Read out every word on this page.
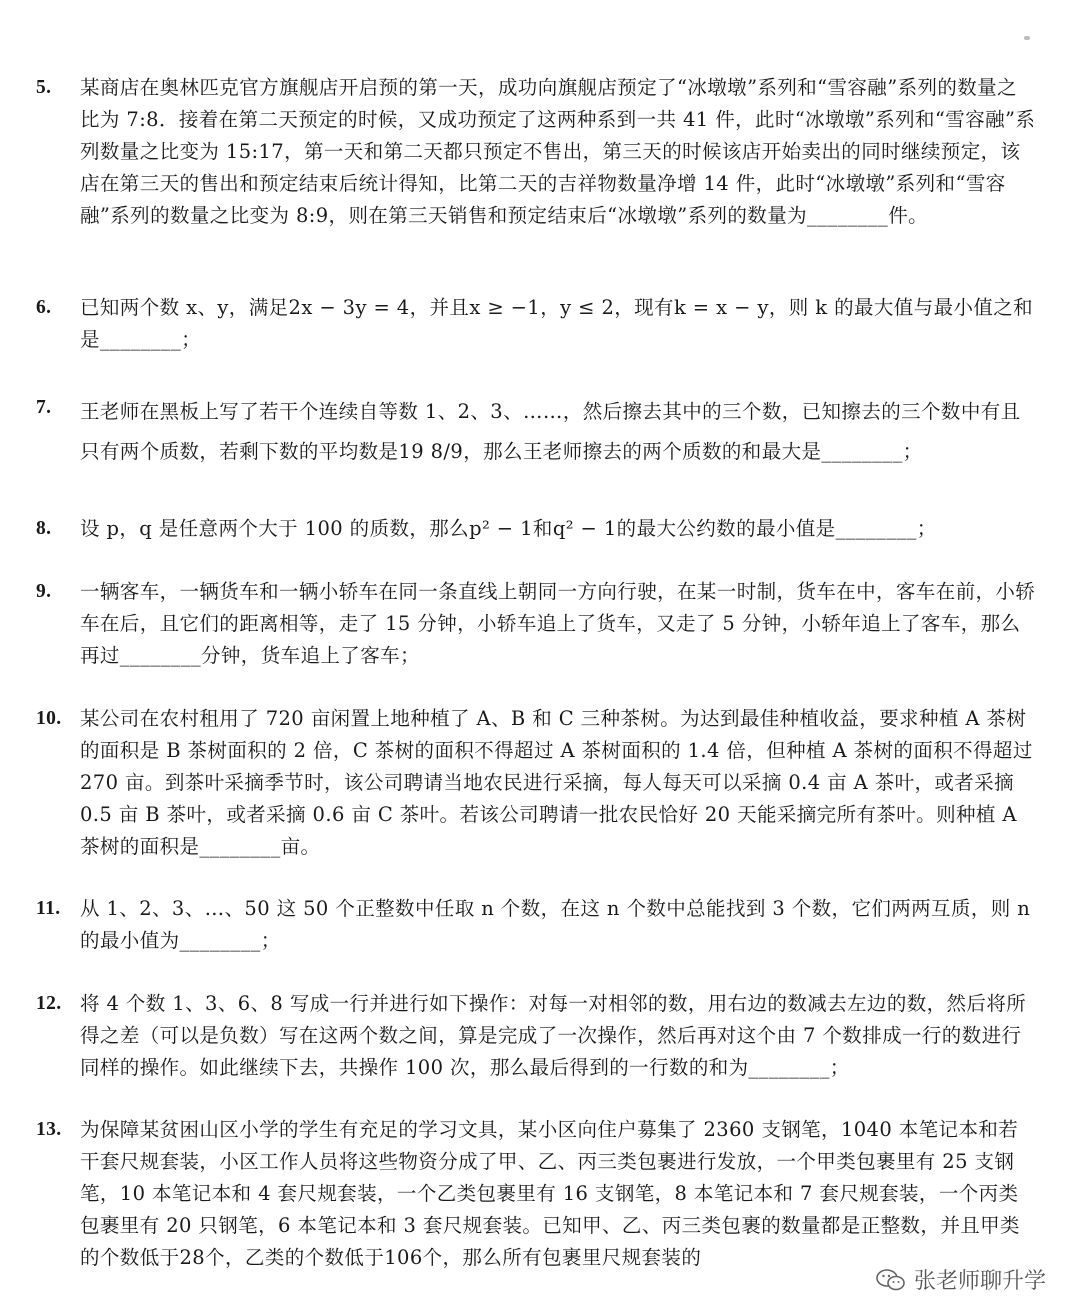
5.	某商店在奥林匹克官方旗舰店开启预的第一天，成功向旗舰店预定了“冰墩墩”系列和“雪容融”系列的数量之比为 7:8．接着在第二天预定的时候，又成功预定了这两种系到一共 41 件，此时“冰墩墩”系列和“雪容融”系列数量之比变为 15:17，第一天和第二天都只预定不售出，第三天的时候该店开始卖出的同时继续预定，该店在第三天的售出和预定结束后统计得知，比第二天的吉祥物数量净增 14 件，此时“冰墩墩”系列和“雪容融”系列的数量之比变为 8:9，则在第三天销售和预定结束后“冰墩墩”系列的数量为________件。
6.	已知两个数 x、y，满足2x − 3y = 4，并且x ≥ −1，y ≤ 2，现有k = x − y，则 k 的最大值与最小值之和是________；
7.	王老师在黑板上写了若干个连续自等数 1、2、3、……，然后擦去其中的三个数，已知擦去的三个数中有且只有两个质数，若剩下数的平均数是19 8/9，那么王老师擦去的两个质数的和最大是________；
8.	设 p，q 是任意两个大于 100 的质数，那么p² − 1和q² − 1的最大公约数的最小值是________；
9.	一辆客车，一辆货车和一辆小轿车在同一条直线上朝同一方向行驶，在某一时制，货车在中，客车在前，小轿车在后，且它们的距离相等，走了 15 分钟，小轿车追上了货车，又走了 5 分钟，小轿年追上了客车，那么再过________分钟，货车追上了客车；
10. 某公司在农村租用了 720 亩闲置上地种植了 A、B 和 C 三种茶树。为达到最佳种植收益，要求种植 A 茶树的面积是 B 茶树面积的 2 倍，C 茶树的面积不得超过 A 茶树面积的 1.4 倍，但种植 A 茶树的面积不得超过 270 亩。到茶叶采摘季节时，该公司聘请当地农民进行采摘，每人每天可以采摘 0.4 亩 A 茶叶，或者采摘 0.5 亩 B 茶叶，或者采摘 0.6 亩 C 茶叶。若该公司聘请一批农民恰好 20 天能采摘完所有茶叶。则种植 A 茶树的面积是________亩。
11.	从 1、2、3、…、50 这 50 个正整数中任取 n 个数，在这 n 个数中总能找到 3 个数，它们两两互质，则 n 的最小值为________；
12. 将 4 个数 1、3、6、8 写成一行并进行如下操作：对每一对相邻的数，用右边的数减去左边的数，然后将所得之差（可以是负数）写在这两个数之间，算是完成了一次操作，然后再对这个由 7 个数排成一行的数进行同样的操作。如此继续下去，共操作 100 次，那么最后得到的一行数的和为________；
13. 为保障某贫困山区小学的学生有充足的学习文具，某小区向住户募集了 2360 支钢笔，1040 本笔记本和若干套尺规套装，小区工作人员将这些物资分成了甲、乙、丙三类包裹进行发放，一个甲类包裹里有 25 支钢笔，10 本笔记本和 4 套尺规套装，一个乙类包裹里有 16 支钢笔，8 本笔记本和 7 套尺规套装，一个丙类包裹里有 20 只钢笔，6 本笔记本和 3 套尺规套装。已知甲、乙、丙三类包裹的数量都是正整数，并且甲类的个数低于28个，乙类的个数低于106个，那么所有包裹里尺规套装的
张老师聊升学
